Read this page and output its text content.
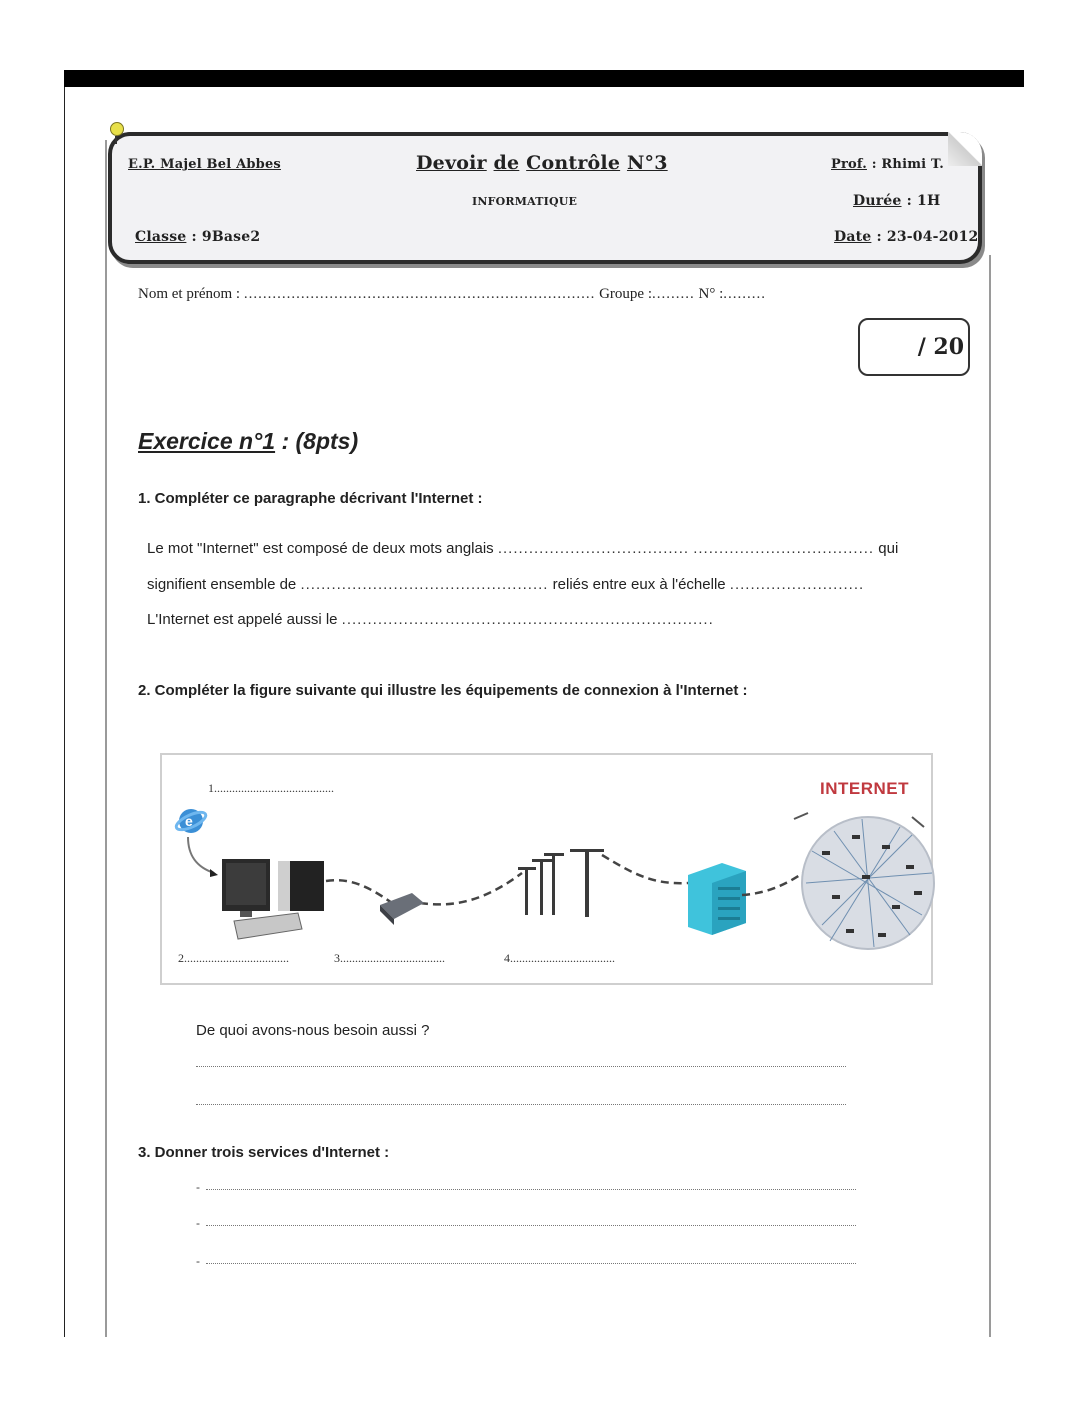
E.P. Majel Bel Abbes	Devoir de Contrôle N°3
INFORMATIQUE
Classe : 9Base2
Prof. : Rhimi T.
Durée : 1H
Date : 23-04-2012
Nom et prénom : .......................................................................... Groupe :......... N° :.........
/ 20
Exercice n°1 : (8pts)
1. Compléter ce paragraphe décrivant l'Internet :
Le mot "Internet" est composé de deux mots anglais ..................................... ................................... qui
signifient ensemble de ................................................ reliés entre eux à l'échelle ..........................
L'Internet est appelé aussi le ........................................................................
2. Compléter la figure suivante qui illustre les équipements de connexion à l'Internet :
1........................................
2...................................	3...................................	4...................................
INTERNET
e
De quoi avons-nous besoin aussi ?
3. Donner trois services d'Internet :
-
-
-
